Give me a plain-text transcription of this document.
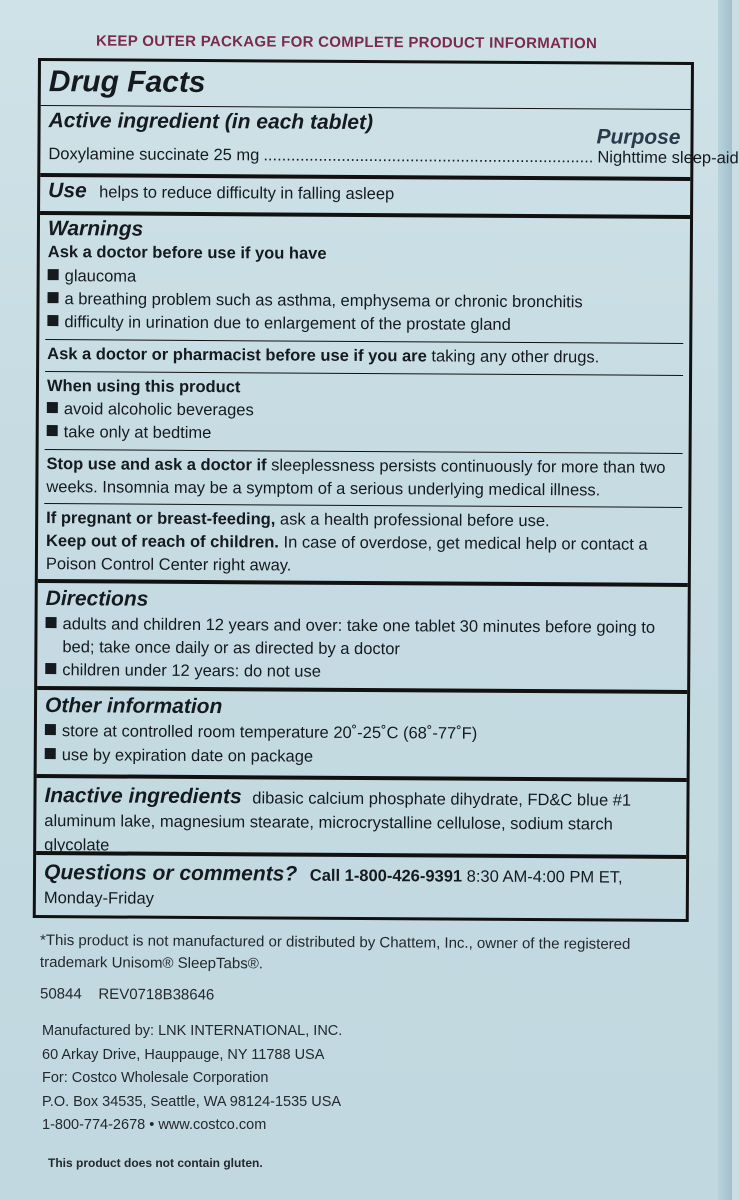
KEEP OUTER PACKAGE FOR COMPLETE PRODUCT INFORMATION
Drug Facts
Active ingredient (in each tablet)
Purpose
Doxylamine succinate 25 mg ........................................................................ Nighttime sleep-aid
Use helps to reduce difficulty in falling asleep
Warnings
Ask a doctor before use if you have
glaucoma
a breathing problem such as asthma, emphysema or chronic bronchitis
difficulty in urination due to enlargement of the prostate gland
Ask a doctor or pharmacist before use if you are taking any other drugs.
When using this product
avoid alcoholic beverages
take only at bedtime
Stop use and ask a doctor if sleeplessness persists continuously for more than two weeks. Insomnia may be a symptom of a serious underlying medical illness.
If pregnant or breast-feeding, ask a health professional before use.
Keep out of reach of children. In case of overdose, get medical help or contact a Poison Control Center right away.
Directions
adults and children 12 years and over: take one tablet 30 minutes before going to bed; take once daily or as directed by a doctor
children under 12 years: do not use
Other information
store at controlled room temperature 20˚-25˚C (68˚-77˚F)
use by expiration date on package
Inactive ingredients dibasic calcium phosphate dihydrate, FD&C blue #1 aluminum lake, magnesium stearate, microcrystalline cellulose, sodium starch glycolate
Questions or comments? Call 1-800-426-9391 8:30 AM-4:00 PM ET, Monday-Friday
*This product is not manufactured or distributed by Chattem, Inc., owner of the registered trademark Unisom® SleepTabs®.
50844    REV0718B38646
Manufactured by: LNK INTERNATIONAL, INC.
60 Arkay Drive, Hauppauge, NY 11788 USA
For: Costco Wholesale Corporation
P.O. Box 34535, Seattle, WA 98124-1535 USA
1-800-774-2678 • www.costco.com
This product does not contain gluten.
